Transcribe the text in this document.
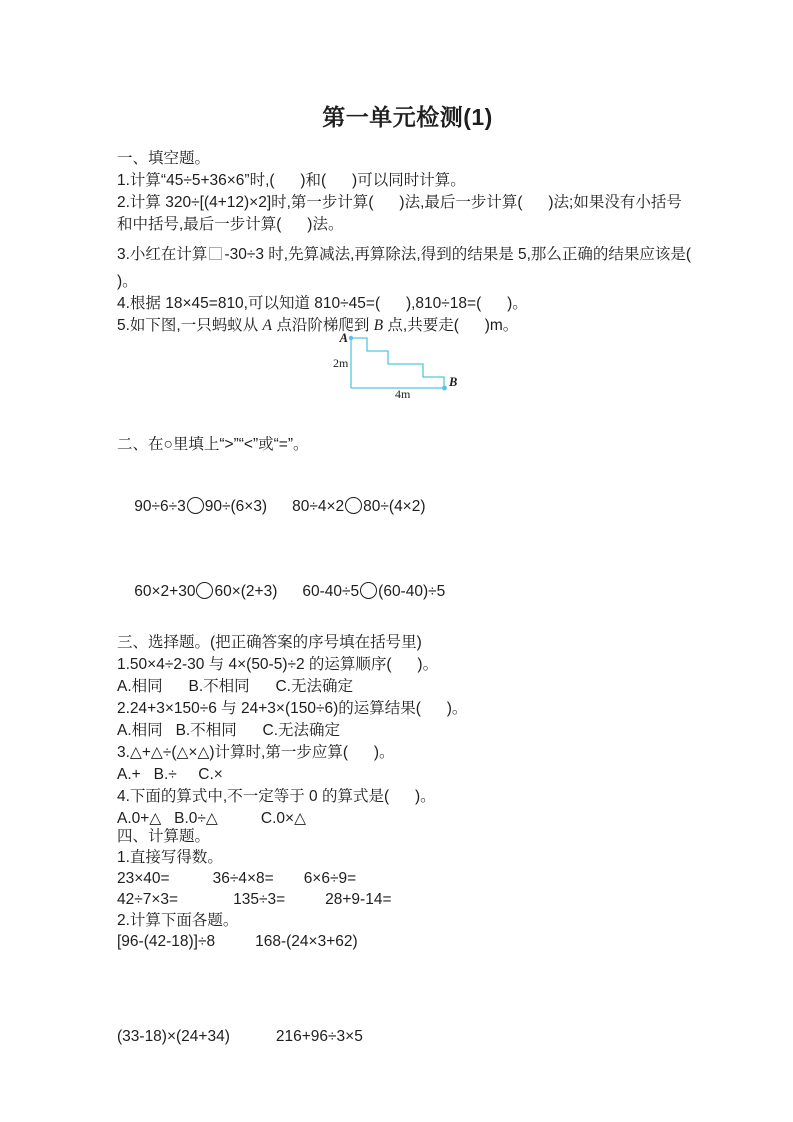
第一单元检测(1)
一、填空题。
1.计算“45÷5+36×6”时,(      )和(      )可以同时计算。
2.计算 320÷[(4+12)×2]时,第一步计算(      )法,最后一步计算(      )法;如果没有小括号
和中括号,最后一步计算(      )法。
3.小红在计算 -30÷3 时,先算减法,再算除法,得到的结果是 5,那么正确的结果应该是(
)。
4.根据 18×45=810,可以知道 810÷45=(      ),810÷18=(      )。
5.如下图,一只蚂蚁从 A 点沿阶梯爬到 B 点,共要走(      )m。
A
B
2m
4m
二、在○里填上“>”“<”或“=”。

90÷6÷3 90÷(6×3) 80÷4×2 80÷(4×2)

60×2+30 60×(2+3) 60-40÷5 (60-40)÷5

三、选择题。(把正确答案的序号填在括号里)
1.50×4÷2-30 与 4×(50-5)÷2 的运算顺序(      )。
A.相同      B.不相同      C.无法确定
2.24+3×150÷6 与 24+3×(150÷6)的运算结果(      )。
A.相同   B.不相同      C.无法确定
3.△+△÷(△×△)计算时,第一步应算(      )。
A.+   B.÷     C.×
4.下面的算式中,不一定等于 0 的算式是(      )。
A.0+△   B.0÷△          C.0×△
四、计算题。
1.直接写得数。
23×40=	36÷4×8= 6×6÷9=
42÷7×3=	135÷3=	28+9-14=
2.计算下面各题。
[96-(42-18)]÷8	168-(24×3+62)
(33-18)×(24+34)	216+96÷3×5
